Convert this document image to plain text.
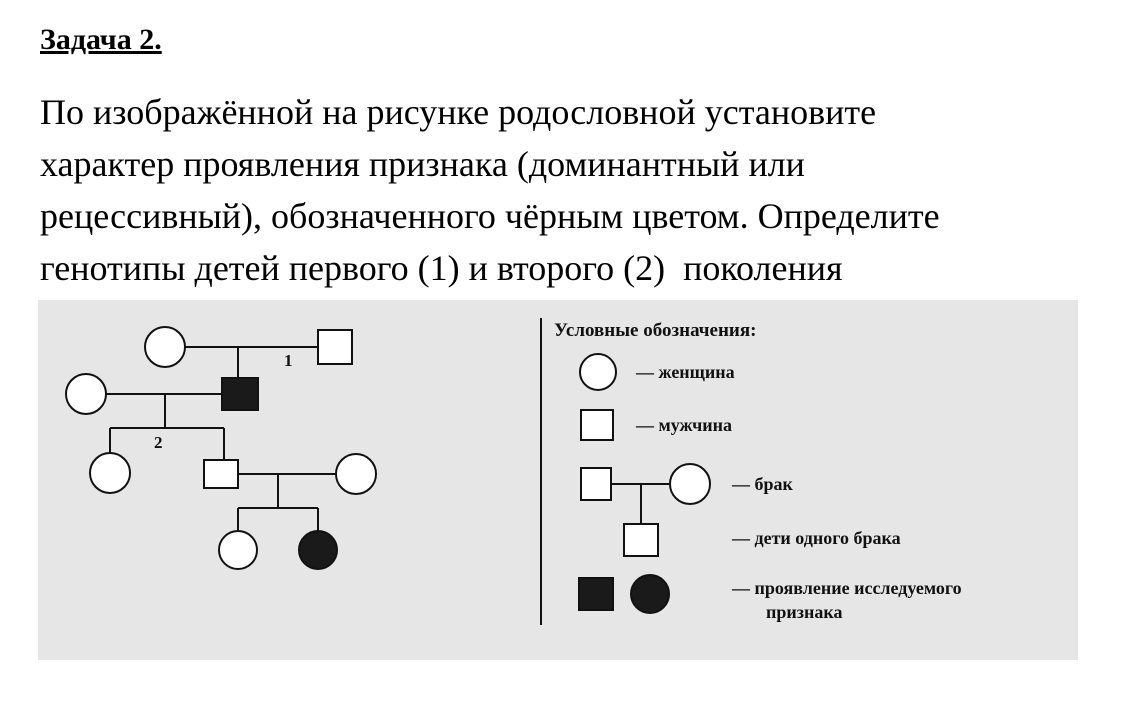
Задача 2.

По изображённой на рисунке родословной установите
характер проявления признака (доминантный или
рецессивный), обозначенного чёрным цветом. Определите
генотипы детей первого (1) и второго (2)  поколения

1
2
Условные обозначения:
— женщина
— мужчина
— брак
— дети одного брака
— проявление исследуемого
признака
